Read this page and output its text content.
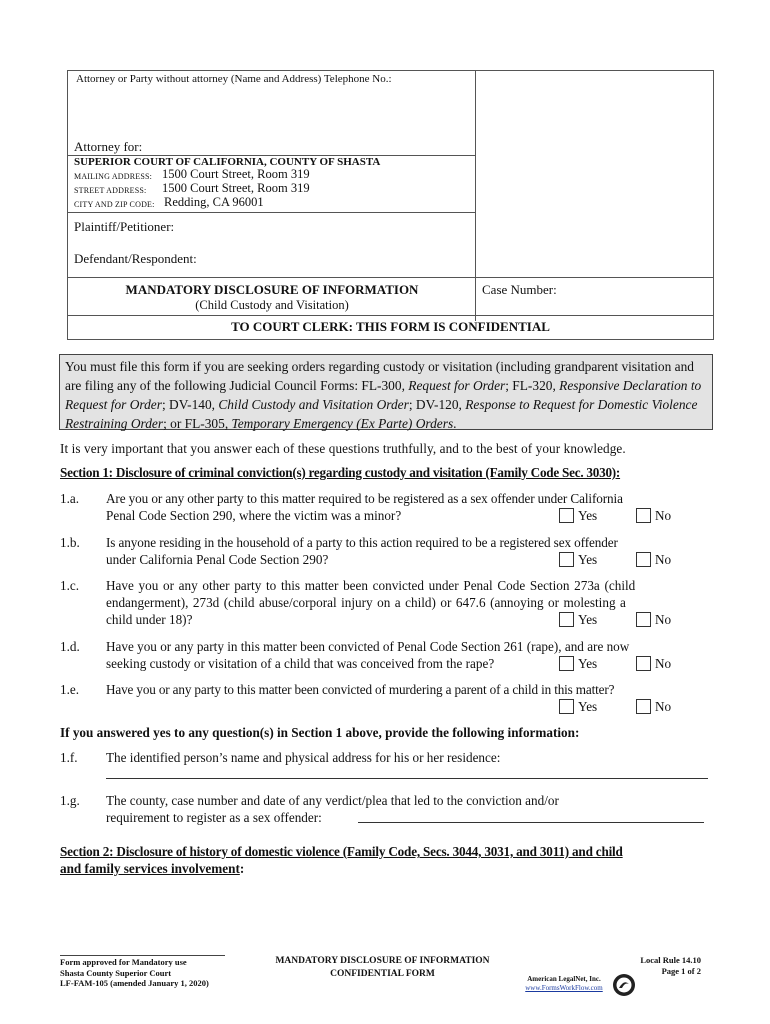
Attorney or Party without attorney (Name and Address) Telephone No.:
Attorney for:
SUPERIOR COURT OF CALIFORNIA, COUNTY OF SHASTA
MAILING ADDRESS: 1500 Court Street, Room 319
STREET ADDRESS: 1500 Court Street, Room 319
CITY AND ZIP CODE: Redding, CA 96001
Plaintiff/Petitioner:
Defendant/Respondent:
MANDATORY DISCLOSURE OF INFORMATION
(Child Custody and Visitation)
Case Number:
TO COURT CLERK: THIS FORM IS CONFIDENTIAL
You must file this form if you are seeking orders regarding custody or visitation (including grandparent visitation and are filing any of the following Judicial Council Forms: FL-300, Request for Order; FL-320, Responsive Declaration to Request for Order; DV-140, Child Custody and Visitation Order; DV-120, Response to Request for Domestic Violence Restraining Order; or FL-305, Temporary Emergency (Ex Parte) Orders.
It is very important that you answer each of these questions truthfully, and to the best of your knowledge.
Section 1: Disclosure of criminal conviction(s) regarding custody and visitation (Family Code Sec. 3030):
1.a. Are you or any other party to this matter required to be registered as a sex offender under California
Penal Code Section 290, where the victim was a minor?	Yes	No
1.b. Is anyone residing in the household of a party to this action required to be a registered sex offender
under California Penal Code Section 290?	Yes	No
1.c. Have you or any other party to this matter been convicted under Penal Code Section 273a (child
endangerment), 273d (child abuse/corporal injury on a child) or 647.6 (annoying or molesting a
child under 18)?	Yes	No
1.d. Have you or any party in this matter been convicted of Penal Code Section 261 (rape), and are now
seeking custody or visitation of a child that was conceived from the rape?	Yes	No
1.e. Have you or any party to this matter been convicted of murdering a parent of a child in this matter?
Yes	No
If you answered yes to any question(s) in Section 1 above, provide the following information:
1.f. The identified person’s name and physical address for his or her residence:
1.g. The county, case number and date of any verdict/plea that led to the conviction and/or
requirement to register as a sex offender:
Section 2: Disclosure of history of domestic violence (Family Code, Secs. 3044, 3031, and 3011) and child
and family services involvement:
Form approved for Mandatory use
Shasta County Superior Court
LF-FAM-105 (amended January 1, 2020)
MANDATORY DISCLOSURE OF INFORMATION
CONFIDENTIAL FORM
Local Rule 14.10
Page 1 of 2
American LegalNet, Inc.
www.FormsWorkFlow.com
